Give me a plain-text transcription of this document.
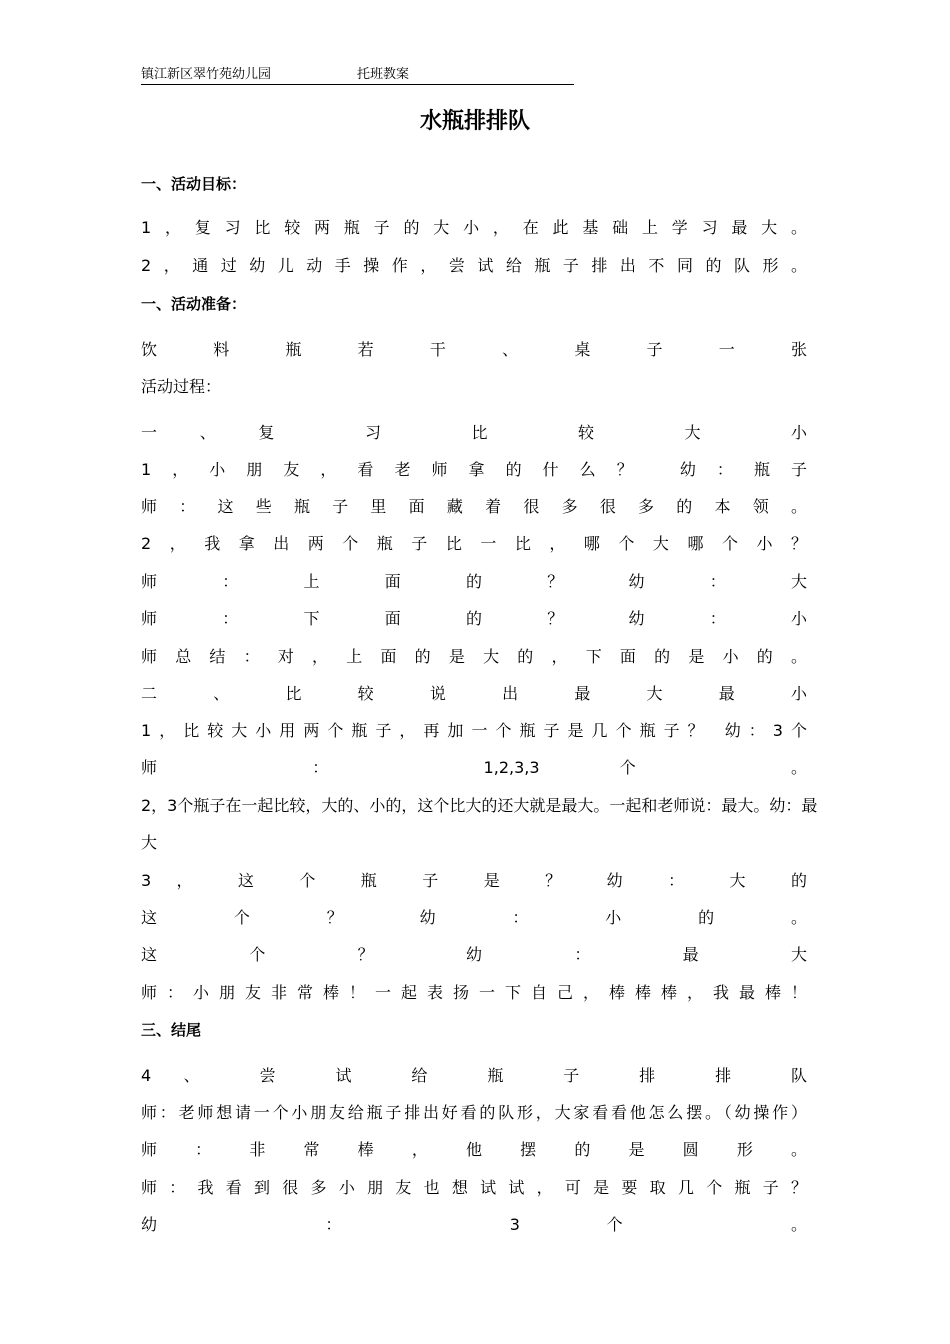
镇江新区翠竹苑幼儿园	托班教案
水瓶排排队
一、活动目标：
1，复习比较两瓶子的大小，在此基础上学习最大。
2，通过幼儿动手操作，尝试给瓶子排出不同的队形。
一、活动准备：
饮 料 瓶 若 干 、 桌 子 一 张
活动过程：
一、复 习 比 较 大 小
1，小朋友，看老师拿的什么？ 幼：瓶子
师：这些瓶子里面藏着很多很多的本领。
2，我拿出两个瓶子比一比，哪个大哪个小？
师 ： 上 面 的 ？ 幼 ： 大
师 ： 下 面 的 ？ 幼 ： 小
师总结：对，上面的是大的，下面的是小的。
二 、 比 较 说 出 最 大 最 小
1，比较大小用两个瓶子，再加一个瓶子是几个瓶子？ 幼：3个
师 ： 1,2,3,3 个 。
2，3个瓶子在一起比较，大的、小的，这个比大的还大就是最大。一起和老师说：最大。幼：最
大
3 ， 这 个 瓶 子 是 ？ 幼 ： 大 的
这 个 ？ 幼 ： 小 的 。
这 个 ？ 幼 ： 最 大
师：小朋友非常棒！一起表扬一下自己，棒棒棒，我最棒！
三、结尾
4 、 尝 试 给 瓶 子 排 排 队
师：老师想请一个小朋友给瓶子排出好看的队形，大家看看他怎么摆。（幼操作）
师 ： 非 常 棒 ， 他 摆 的 是 圆 形 。
师：我看到很多小朋友也想试试，可是要取几个瓶子？
幼 ： 3 个 。
